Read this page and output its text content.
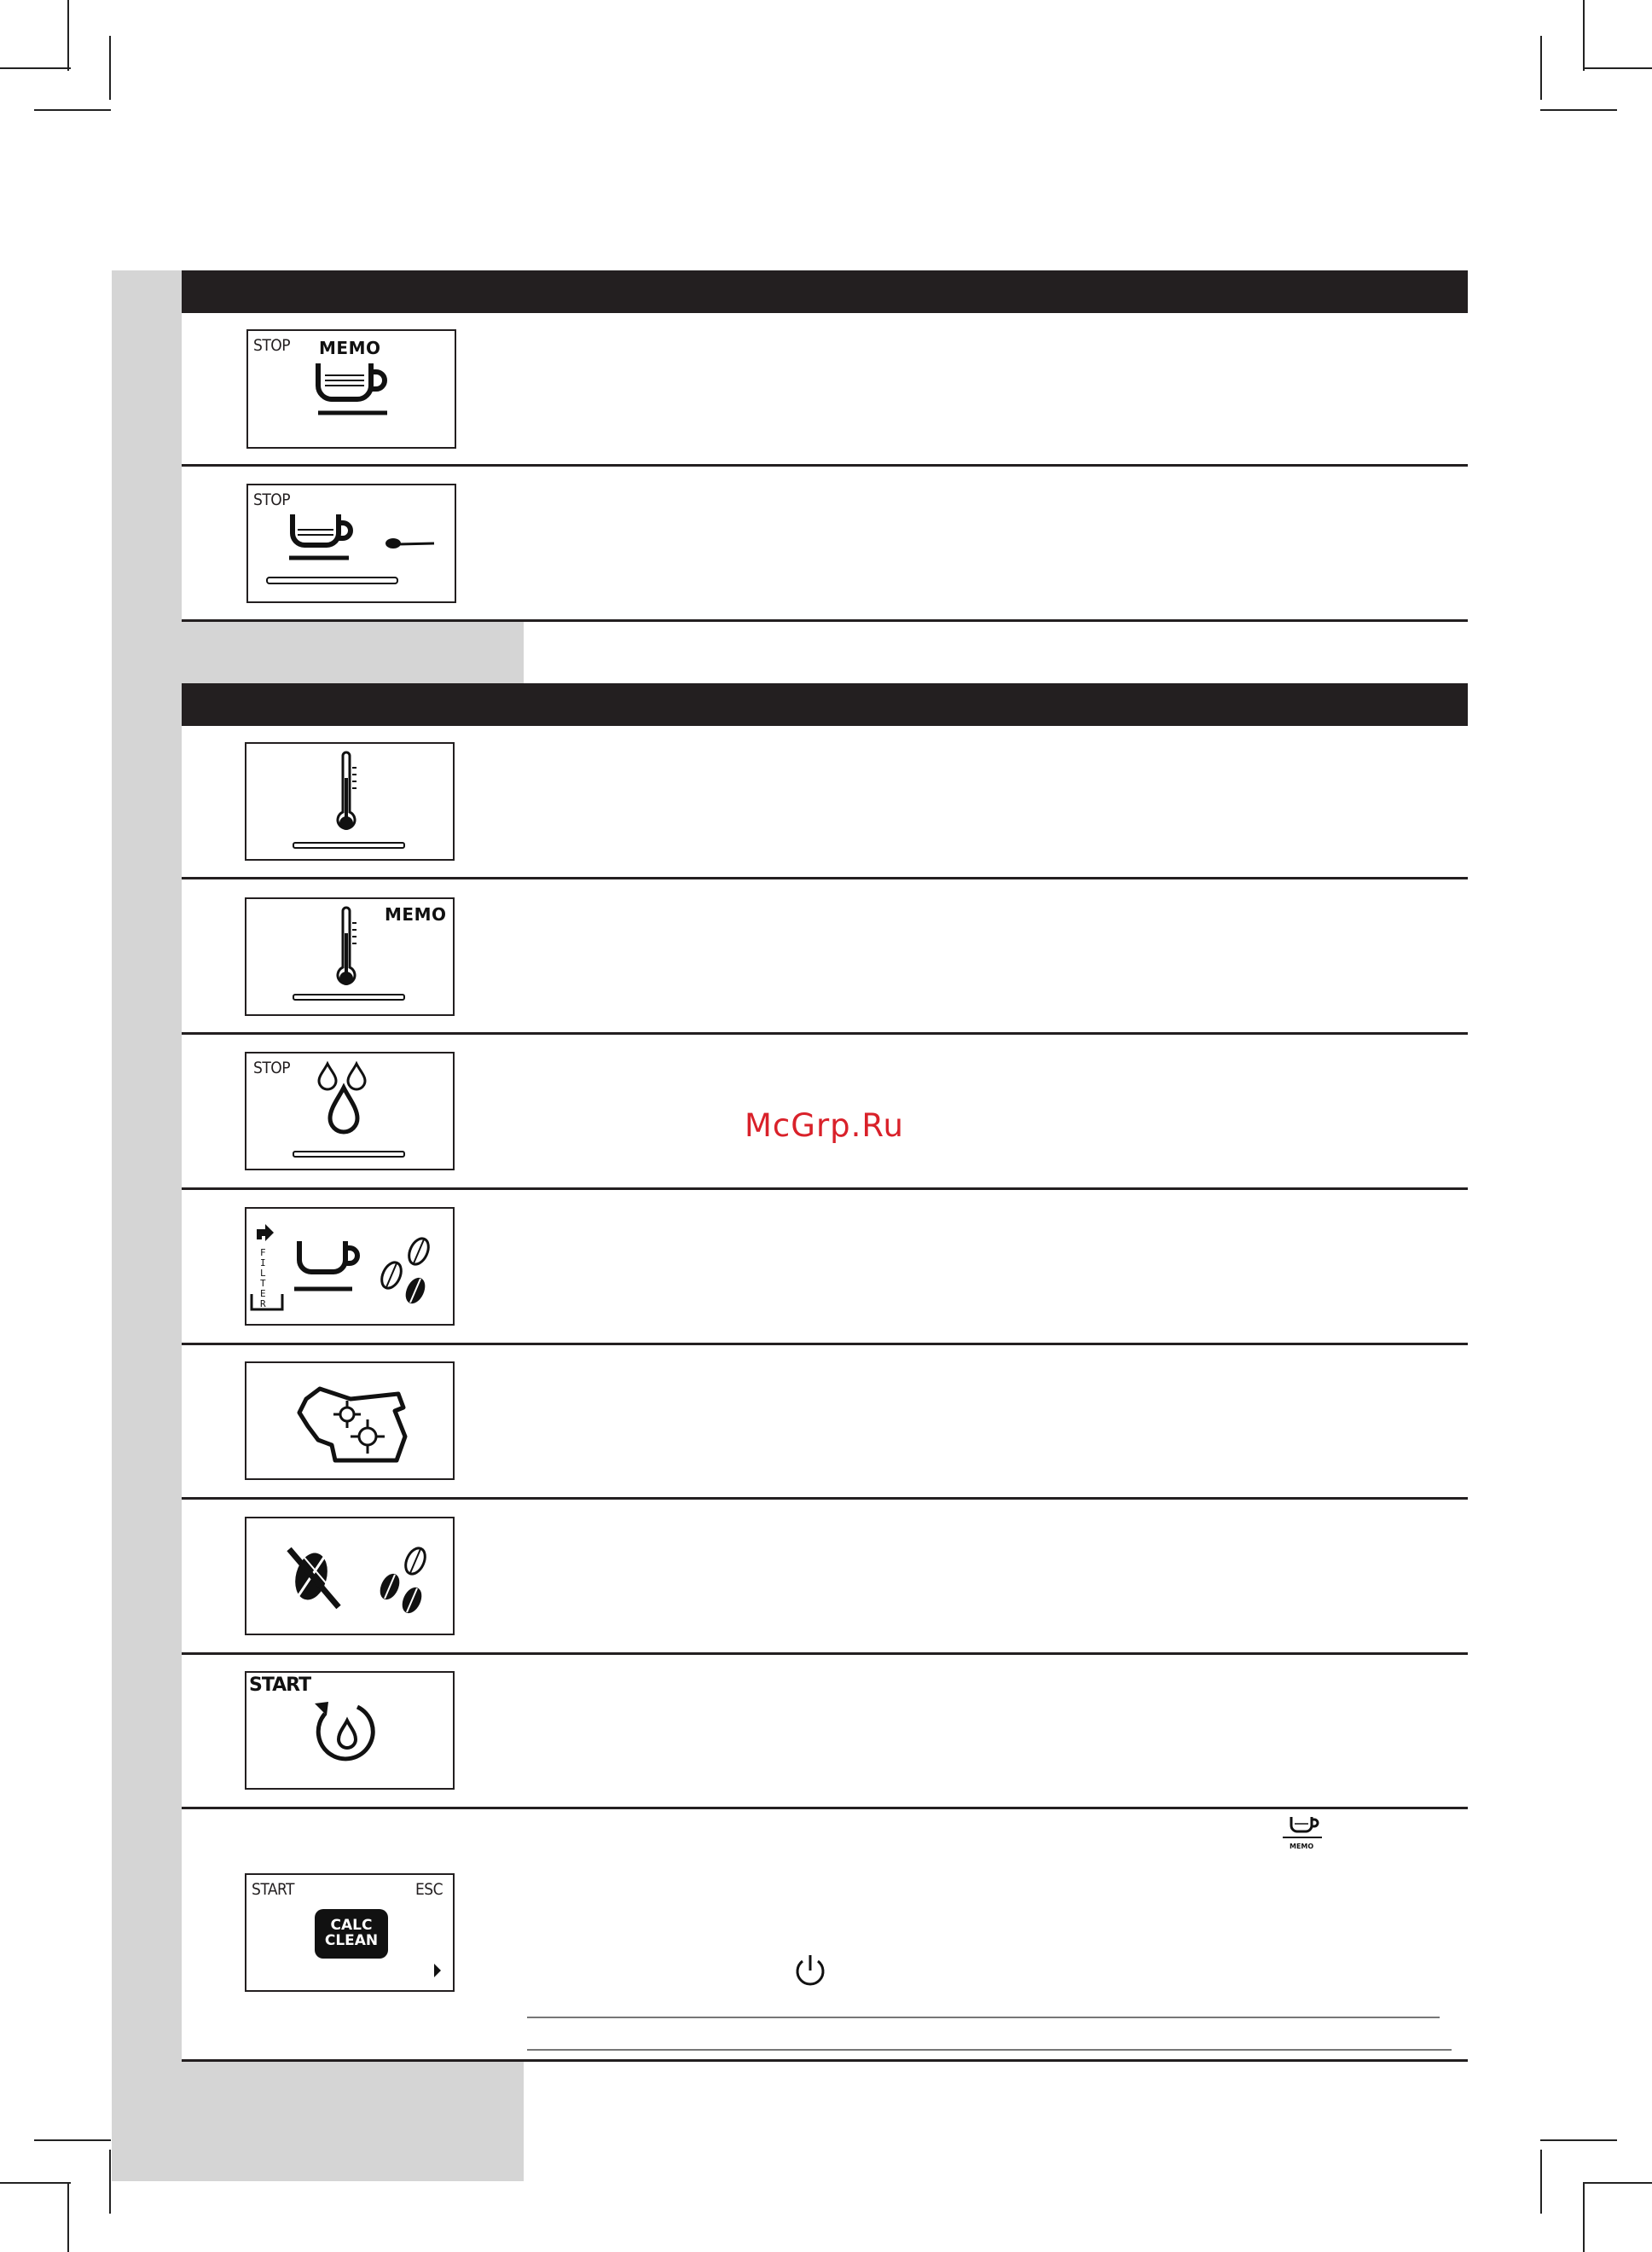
STOP MEMO
STOP
MEMO
STOP
F
I
L
T
E
R
START
START	ESC
CALC
CLEAN
MEMO
McGrp.Ru
